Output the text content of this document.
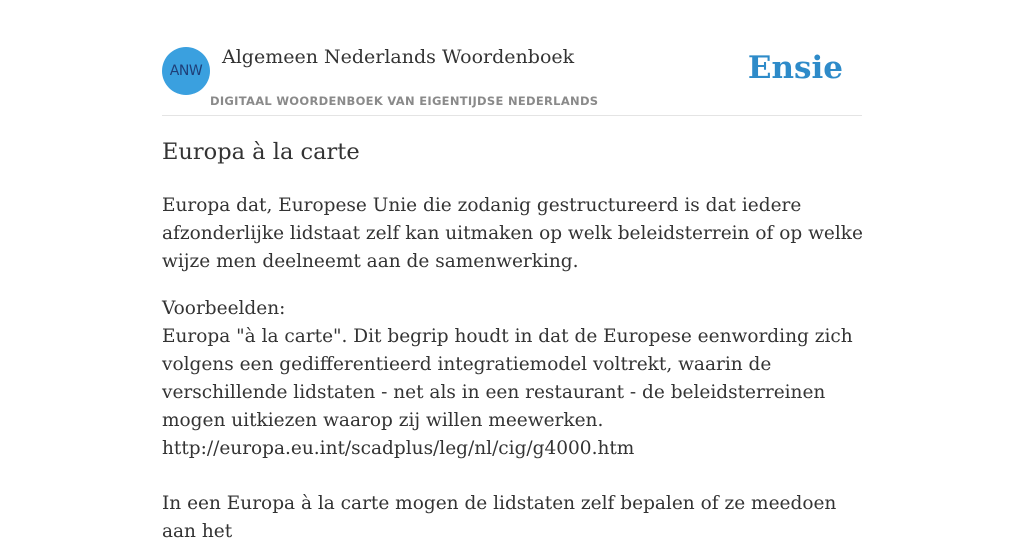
ANW
Algemeen Nederlands Woordenboek
DIGITAAL WOORDENBOEK VAN EIGENTIJDSE NEDERLANDS
Ensie
Europa à la carte

Europa dat, Europese Unie die zodanig gestructureerd is dat iedere afzonderlijke lidstaat zelf kan uitmaken op welk beleidsterrein of op welke wijze men deelneemt aan de samenwerking.

Voorbeelden:

Europa "à la carte". Dit begrip houdt in dat de Europese eenwording zich volgens een gedifferentieerd integratiemodel voltrekt, waarin de verschillende lidstaten - net als in een restaurant - de beleidsterreinen mogen uitkiezen waarop zij willen meewerken.

http://europa.eu.int/scadplus/leg/nl/cig/g4000.htm

In een Europa à la carte mogen de lidstaten zelf bepalen of ze meedoen aan het
